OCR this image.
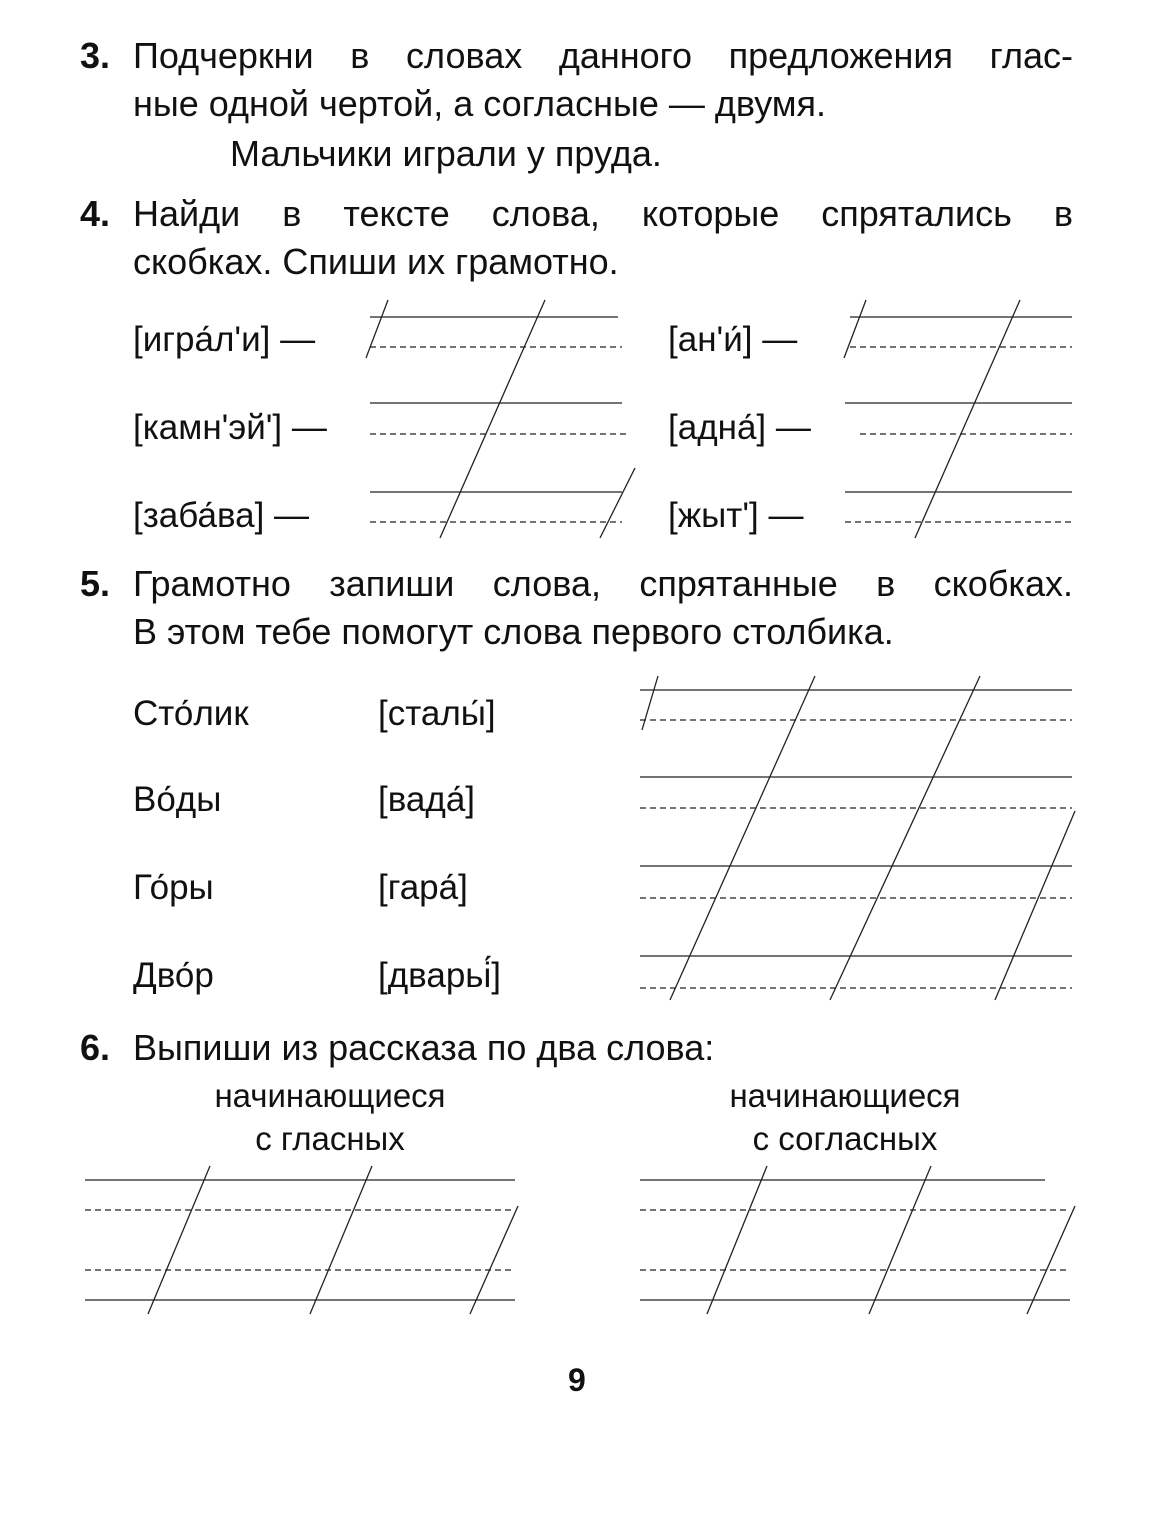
3. Подчеркни в словах данного предложения глас-
ные одной чертой, а согласные — двумя.
Мальчики играли у пруда.
4. Найди в тексте слова, которые спрятались в
скобках. Спиши их грамотно.
[игра́л'и] —	[ан'и́] —
[камн'эй'] —	[адна́] —
[заба́ва] —	[жыт'] —
5. Грамотно запиши слова, спрятанные в скобках.
В этом тебе помогут слова первого столбика.
Сто́лик	[сталы́]
Во́ды	[вада́]
Го́ры	[гара́]
Дво́р	[дварьі́]
6. Выпиши из рассказа по два слова:
начинающиеся
с гласных
начинающиеся
с согласных
9
